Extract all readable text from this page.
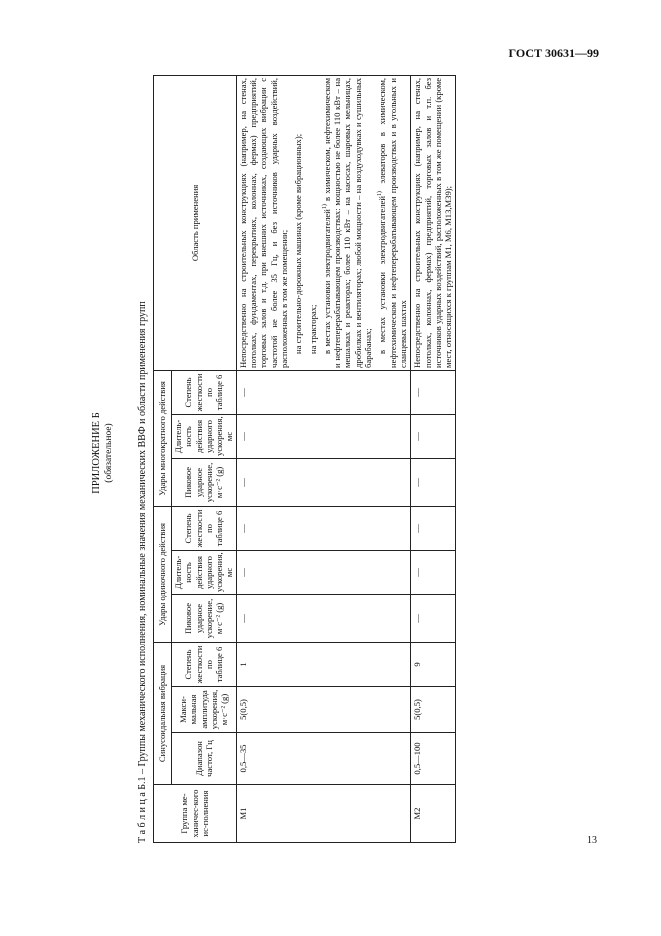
ГОСТ 30631—99
ПРИЛОЖЕНИЕ Б (обязательное) Т а б л и ц а Б.1 – Группы механического исполнения, номинальные значения механических ВВФ и области применения групп	Группа ме-ханичес-кого ис-полнения	Синусоидальная вибрация			Удары одиночного действия			Удары многократного действия			Область применения
	Диапазон частот, Гц	Макси-мальная амплитуда ускорения, м·с⁻² (g)	Степень жесткости по таблице 6	Пиковое ударное ускорение, м·с⁻² (g)	Длитель-ность действия ударного ускорения, мс	Степень жесткости по таблице 6	Пиковое ударное ускорение, м·с⁻² (g)	Длитель-ность действия ударного ускорения, мс	Степень жесткости по таблице 6	
М1	0,5—35	5(0,5)	1	—	—	—	—	—	—	Непосредственно на строительных конструкциях (например, на стенах, потолках, фундаментах, перекрытиях, колоннах, фермах) предприятий, торговых залов и т.д. при внешних источниках, создающих вибрации с частотой не более 35 Гц, и без источников ударных воздействий, расположенных в том же помещении; на строительно-дорожных машинах (кроме вибрационных); на тракторах; в местах установки электродвигателей$^{1)}$ в химическом, нефтехимическом и нефтеперерабатывающем производствах: мощностью не более 110 кВт – на мешалках и реакторах; более 110 кВт – на насосах, шаровых мельницах, дробилках и вентиляторах; любой мощности – на воздуходувках и сушильных барабанах; в местах установки электродвигателей$^{1)}$ элеваторов в химическом, нефтехимическом и нефтеперерабатывающем производствах и в угольных и сланцевых шахтах

М2	0,5—100	5(0,5)	9	—	—	—	—	—	—	Непосредственно на строительных конструкциях (например, на стенах, потолках, колоннах, фермах) предприятий, торговых залов и т.п. без источников ударных воздействий, расположенных в том же помещении (кроме мест, относящихся к группам М1, М6, М13,М39);

13
